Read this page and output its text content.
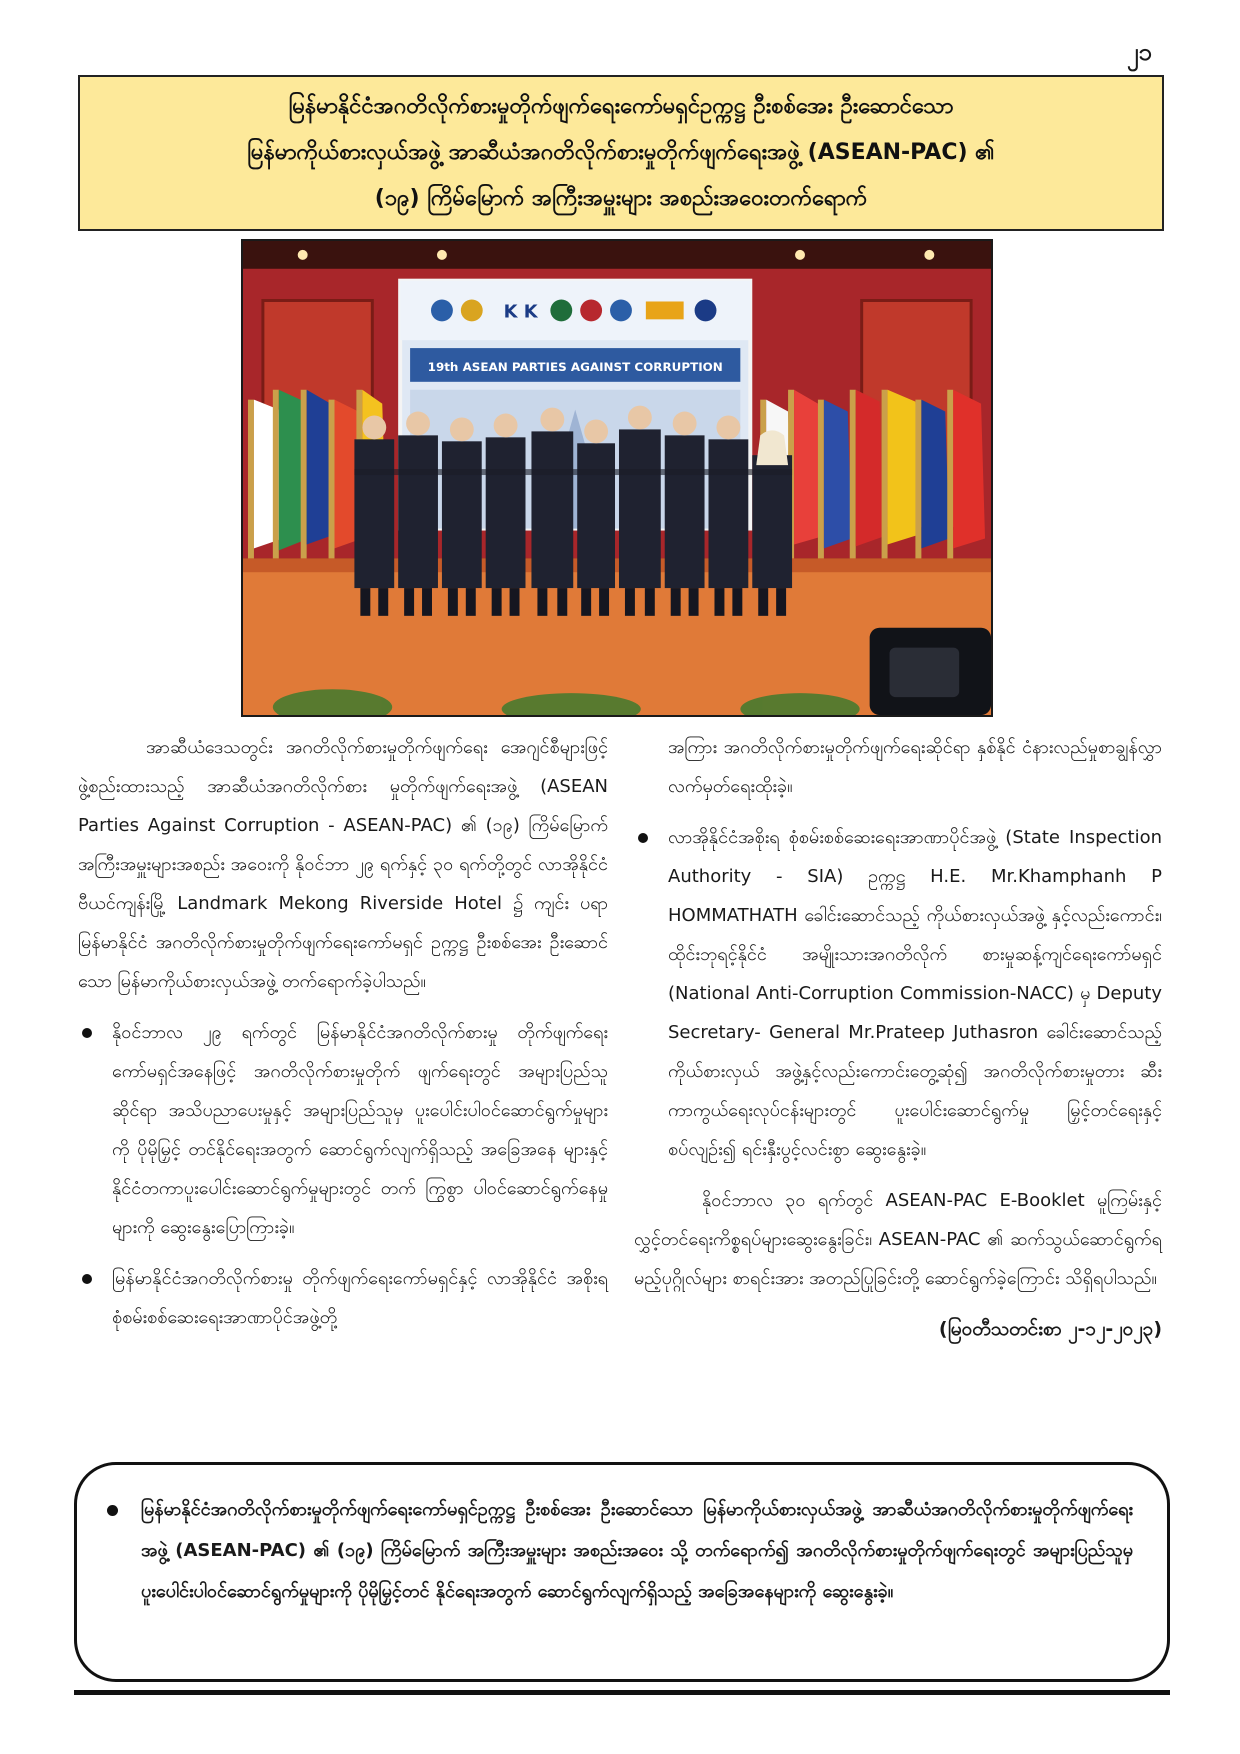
၂၁
မြန်မာနိုင်ငံအဂတိလိုက်စားမှုတိုက်ဖျက်ရေးကော်မရှင်ဥက္ကဋ္ဌ ဦးစစ်အေး ဦးဆောင်သော
မြန်မာကိုယ်စားလှယ်အဖွဲ့ အာဆီယံအဂတိလိုက်စားမှုတိုက်ဖျက်ရေးအဖွဲ့ (ASEAN-PAC) ၏
(၁၉) ကြိမ်မြောက် အကြီးအမှူးများ အစည်းအဝေးတက်ရောက်
K K
19th ASEAN PARTIES AGAINST CORRUPTION

အာဆီယံဒေသတွင်း အဂတိလိုက်စားမှုတိုက်ဖျက်ရေး အေဂျင်စီများဖြင့် ဖွဲ့စည်းထားသည့် အာဆီယံအဂတိလိုက်စား မှုတိုက်ဖျက်ရေးအဖွဲ့ (ASEAN Parties Against Corruption - ASEAN-PAC) ၏ (၁၉) ကြိမ်မြောက် အကြီးအမှူးများအစည်း အဝေးကို နိုဝင်ဘာ ၂၉ ရက်နှင့် ၃၀ ရက်တို့တွင် လာအိုနိုင်ငံ ဗီယင်ကျန်းမြို့ Landmark Mekong Riverside Hotel ၌ ကျင်း ပရာ မြန်မာနိုင်ငံ အဂတိလိုက်စားမှုတိုက်ဖျက်ရေးကော်မရှင် ဥက္ကဋ္ဌ ဦးစစ်အေး ဦးဆောင်သော မြန်မာကိုယ်စားလှယ်အဖွဲ့ တက်ရောက်ခဲ့ပါသည်။

နိုဝင်ဘာလ ၂၉ ရက်တွင် မြန်မာနိုင်ငံအဂတိလိုက်စားမှု တိုက်ဖျက်ရေးကော်မရှင်အနေဖြင့် အဂတိလိုက်စားမှုတိုက် ဖျက်ရေးတွင် အများပြည်သူဆိုင်ရာ အသိပညာပေးမှုနှင့် အများပြည်သူမှ ပူးပေါင်းပါဝင်ဆောင်ရွက်မှုများကို ပိုမိုမြှင့် တင်နိုင်ရေးအတွက် ဆောင်ရွက်လျက်ရှိသည့် အခြေအနေ များနှင့် နိုင်ငံတကာပူးပေါင်းဆောင်ရွက်မှုများတွင် တက် ကြွစွာ ပါဝင်ဆောင်ရွက်နေမှုများကို ဆွေးနွေးပြောကြားခဲ့။
မြန်မာနိုင်ငံအဂတိလိုက်စားမှု တိုက်ဖျက်ရေးကော်မရှင်နှင့် လာအိုနိုင်ငံ အစိုးရစုံစမ်းစစ်ဆေးရေးအာဏာပိုင်အဖွဲ့တို့

အကြား အဂတိလိုက်စားမှုတိုက်ဖျက်ရေးဆိုင်ရာ နှစ်နိုင် ငံနားလည်မှုစာချွန်လွှာ လက်မှတ်ရေးထိုးခဲ့။

လာအိုနိုင်ငံအစိုးရ စုံစမ်းစစ်ဆေးရေးအာဏာပိုင်အဖွဲ့ (State Inspection Authority - SIA) ဥက္ကဋ္ဌ H.E. Mr.Khamphanh P HOMMATHATH ခေါင်းဆောင်သည့် ကိုယ်စားလှယ်အဖွဲ့ နှင့်လည်းကောင်း၊ ထိုင်းဘုရင့်နိုင်ငံ အမျိုးသားအဂတိလိုက် စားမှုဆန့်ကျင်ရေးကော်မရှင် (National Anti-Corruption Commission-NACC) မှ Deputy Secretary- General Mr.Prateep Juthasron ခေါင်းဆောင်သည့် ကိုယ်စားလှယ် အဖွဲ့နှင့်လည်းကောင်းတွေ့ဆုံ၍ အဂတိလိုက်စားမှုတား ဆီး ကာကွယ်ရေးလုပ်ငန်းများတွင် ပူးပေါင်းဆောင်ရွက်မှု မြှင့်တင်ရေးနှင့်စပ်လျဉ်း၍ ရင်းနှီးပွင့်လင်းစွာ ဆွေးနွေးခဲ့။

နိုဝင်ဘာလ ၃၀ ရက်တွင် ASEAN-PAC E-Booklet မူကြမ်းနှင့် လွှင့်တင်ရေးကိစ္စရပ်များဆွေးနွေးခြင်း၊ ASEAN-PAC ၏ ဆက်သွယ်ဆောင်ရွက်ရမည့်ပုဂ္ဂိုလ်များ စာရင်းအား အတည်ပြုခြင်းတို့ ဆောင်ရွက်ခဲ့ကြောင်း သိရှိရပါသည်။

(မြဝတီသတင်းစာ ၂-၁၂-၂၀၂၃)
မြန်မာနိုင်ငံအဂတိလိုက်စားမှုတိုက်ဖျက်ရေးကော်မရှင်ဥက္ကဋ္ဌ ဦးစစ်အေး ဦးဆောင်သော မြန်မာကိုယ်စားလှယ်အဖွဲ့ အာဆီယံအဂတိလိုက်စားမှုတိုက်ဖျက်ရေးအဖွဲ့ (ASEAN-PAC) ၏ (၁၉) ကြိမ်မြောက် အကြီးအမှူးများ အစည်းအဝေး သို့ တက်ရောက်၍ အဂတိလိုက်စားမှုတိုက်ဖျက်ရေးတွင် အများပြည်သူမှ ပူးပေါင်းပါဝင်ဆောင်ရွက်မှုများကို ပိုမိုမြှင့်တင် နိုင်ရေးအတွက် ဆောင်ရွက်လျက်ရှိသည့် အခြေအနေများကို ဆွေးနွေးခဲ့။
